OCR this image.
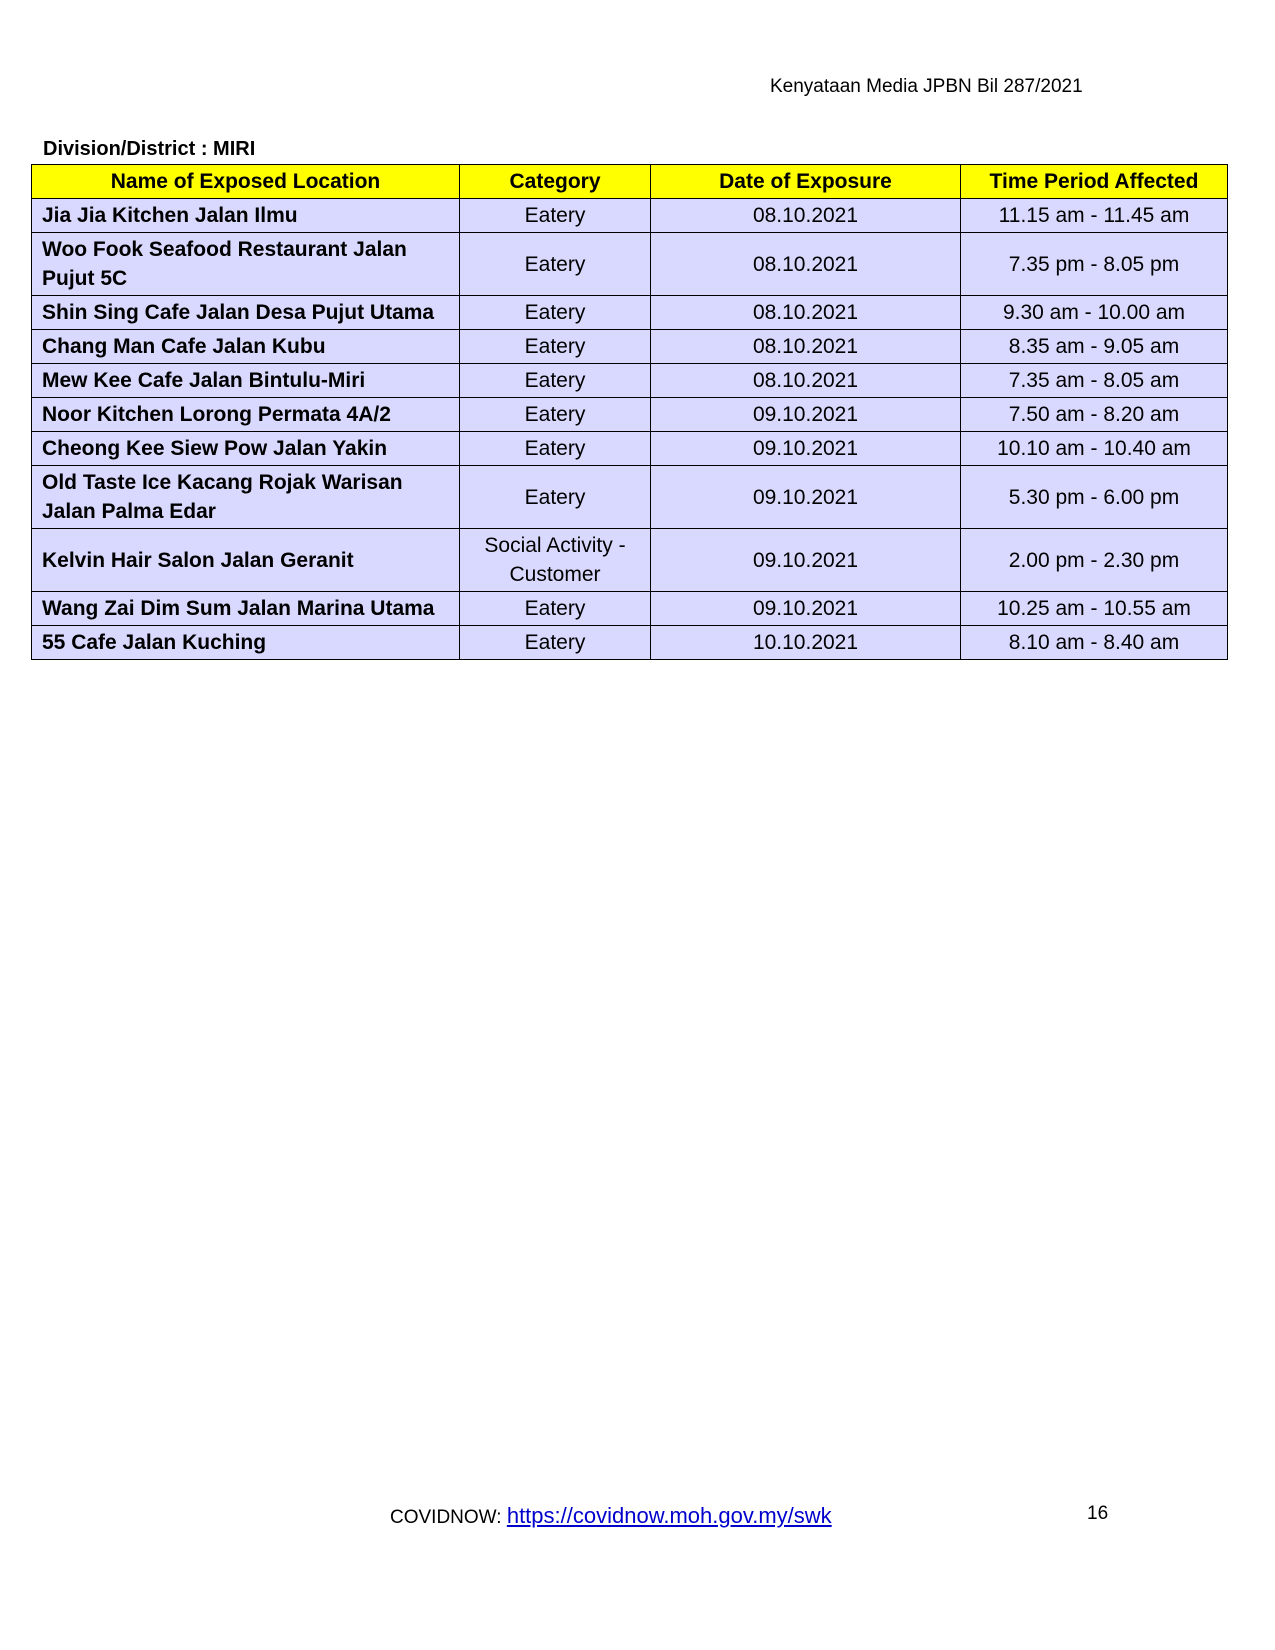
Kenyataan Media JPBN Bil 287/2021
Division/District : MIRI
Name of Exposed Location	Category	Date of Exposure	Time Period Affected
Jia Jia Kitchen Jalan Ilmu	Eatery	08.10.2021	11.15 am - 11.45 am
Woo Fook Seafood Restaurant Jalan Pujut 5C	Eatery	08.10.2021	7.35 pm - 8.05 pm
Shin Sing Cafe Jalan Desa Pujut Utama	Eatery	08.10.2021	9.30 am - 10.00 am
Chang Man Cafe Jalan Kubu	Eatery	08.10.2021	8.35 am - 9.05 am
Mew Kee Cafe Jalan Bintulu-Miri	Eatery	08.10.2021	7.35 am - 8.05 am
Noor Kitchen Lorong Permata 4A/2	Eatery	09.10.2021	7.50 am - 8.20 am
Cheong Kee Siew Pow Jalan Yakin	Eatery	09.10.2021	10.10 am - 10.40 am
Old Taste Ice Kacang Rojak Warisan Jalan Palma Edar	Eatery	09.10.2021	5.30 pm - 6.00 pm
Kelvin Hair Salon Jalan Geranit	Social Activity - Customer	09.10.2021	2.00 pm - 2.30 pm
Wang Zai Dim Sum Jalan Marina Utama	Eatery	09.10.2021	10.25 am - 10.55 am
55 Cafe Jalan Kuching	Eatery	10.10.2021	8.10 am - 8.40 am
COVIDNOW: https://covidnow.moh.gov.my/swk	16
